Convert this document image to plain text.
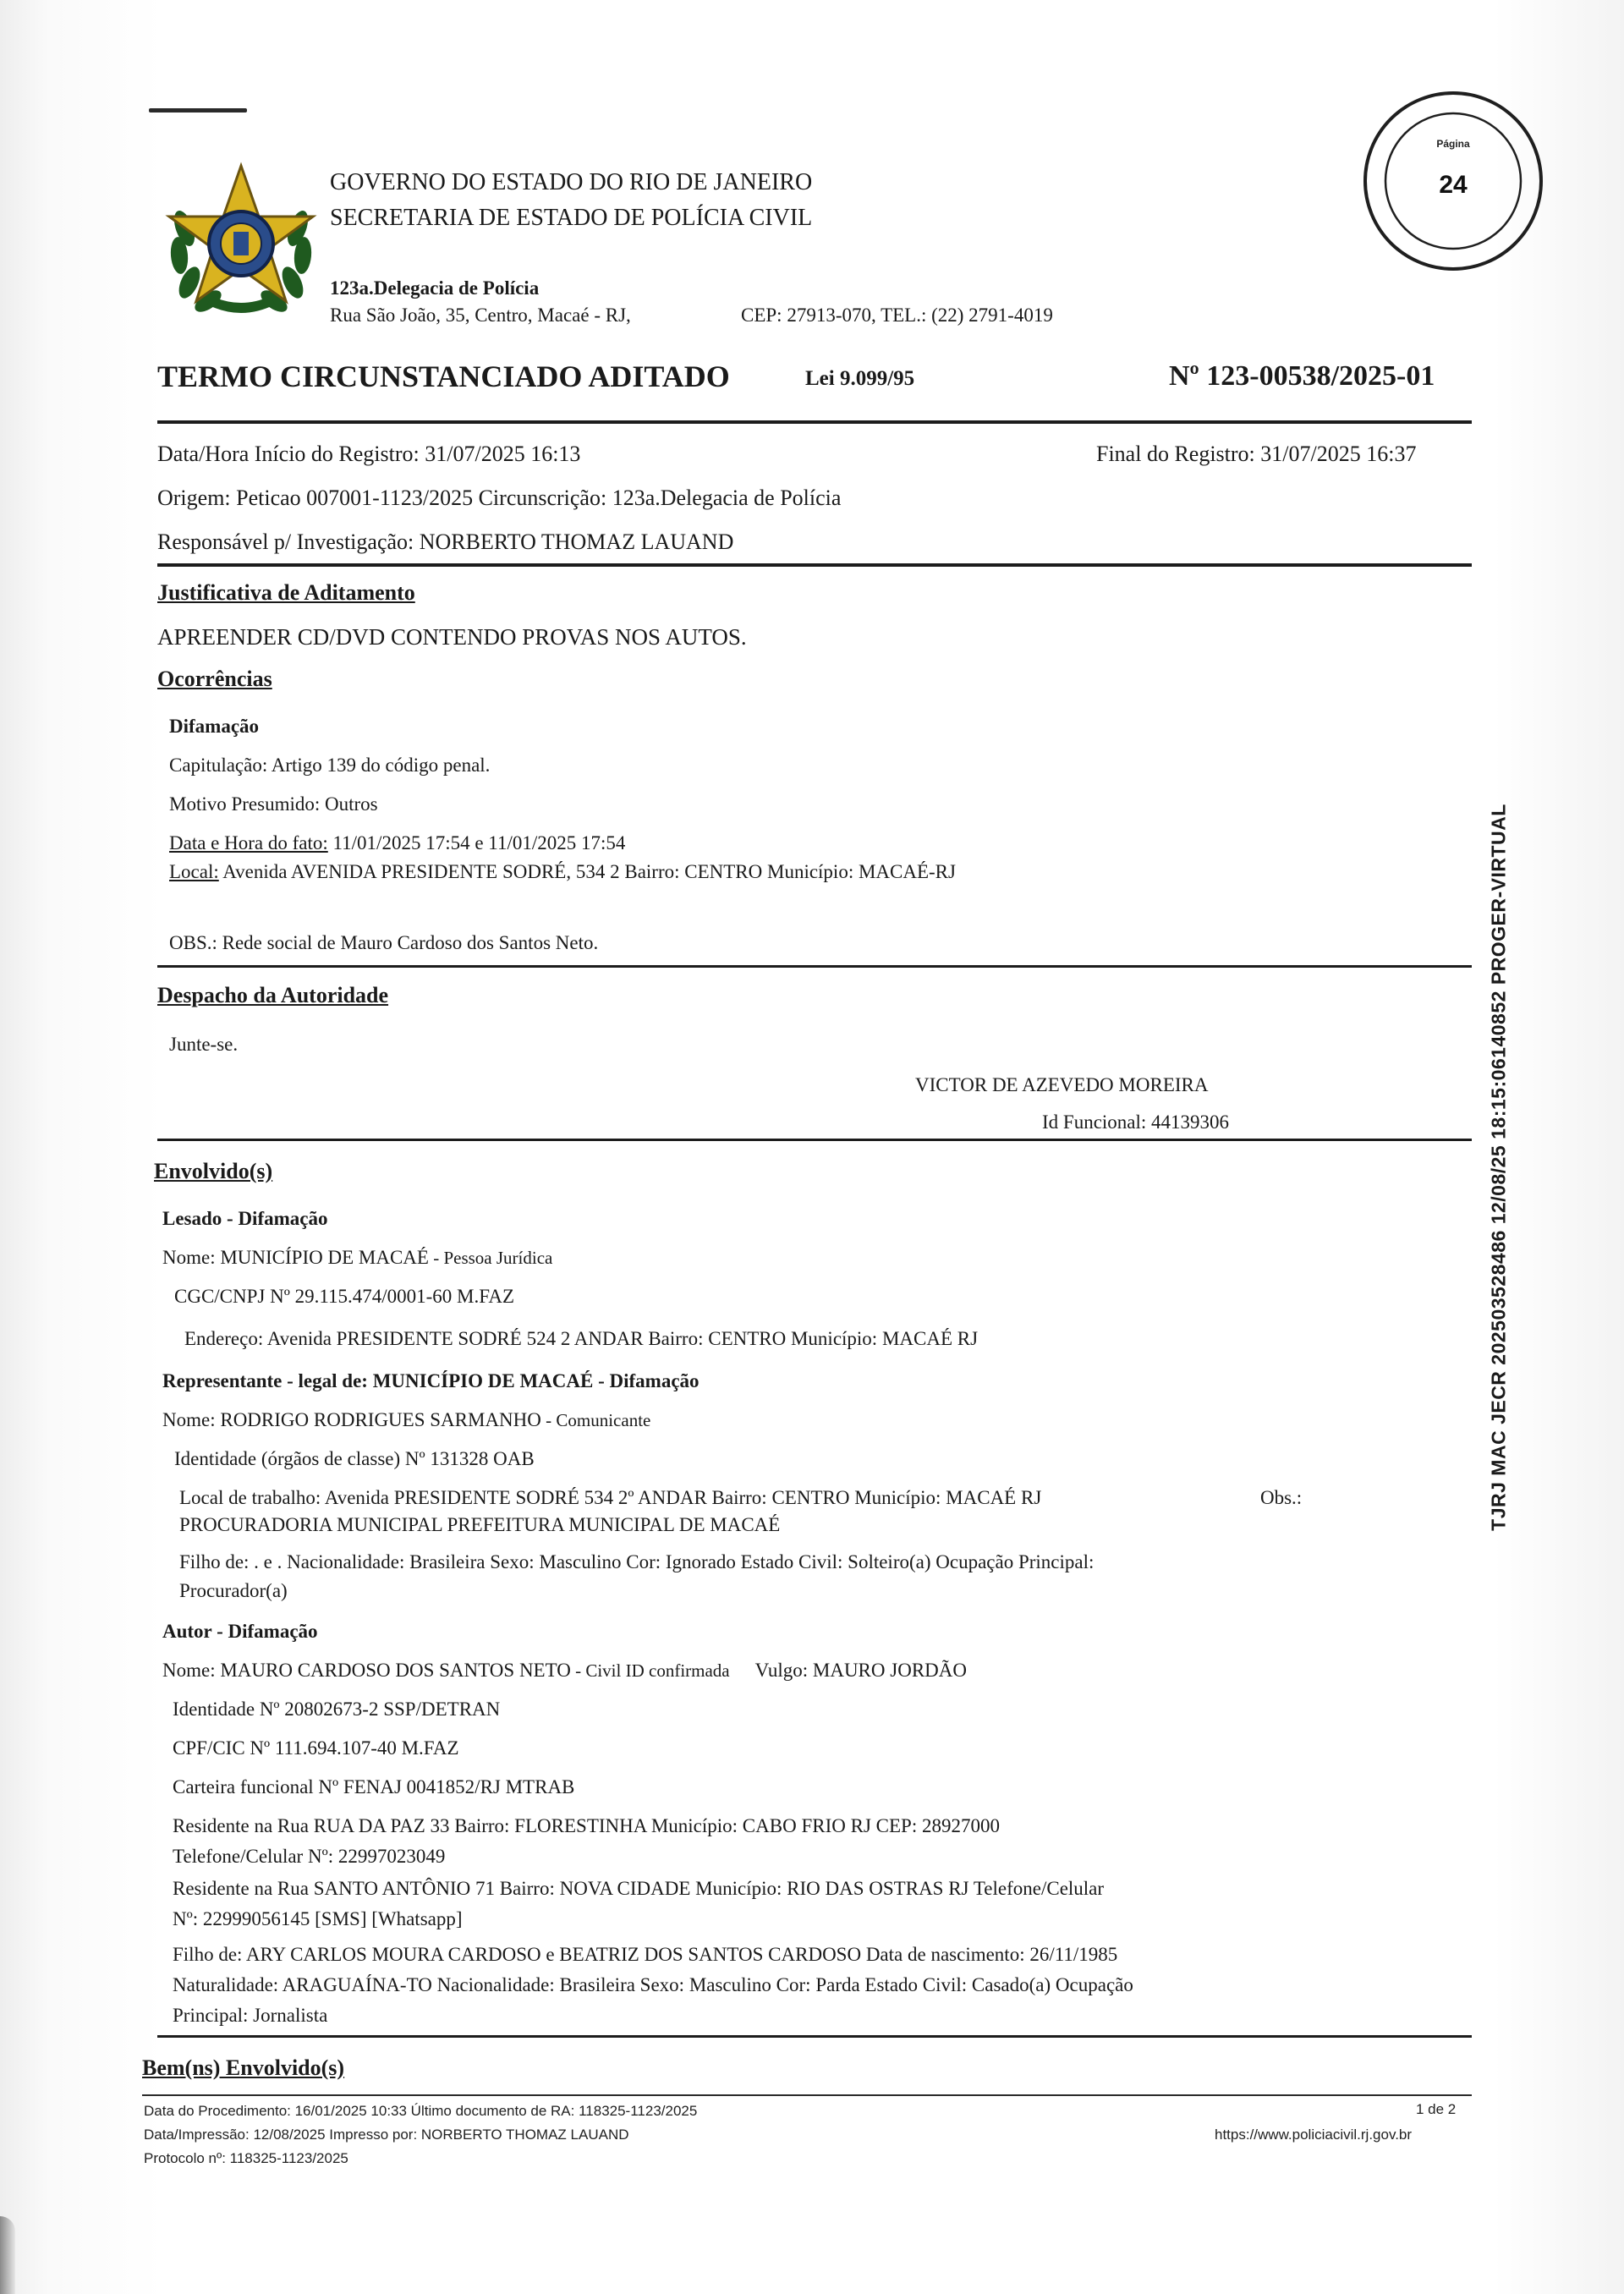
GOVERNO DO ESTADO DO RIO DE JANEIRO
SECRETARIA DE ESTADO DE POLÍCIA CIVIL
123a.Delegacia de Polícia
Rua São João, 35, Centro, Macaé - RJ,	CEP: 27913-070, TEL.: (22) 2791-4019
Página
24
TERMO CIRCUNSTANCIADO ADITADO	Lei 9.099/95	Nº 123-00538/2025-01
Data/Hora Início do Registro: 31/07/2025 16:13	Final do Registro: 31/07/2025 16:37
Origem: Peticao 007001-1123/2025 Circunscrição: 123a.Delegacia de Polícia
Responsável p/ Investigação: NORBERTO THOMAZ LAUAND
Justificativa de Aditamento
APREENDER CD/DVD CONTENDO PROVAS NOS AUTOS.
Ocorrências
Difamação
Capitulação: Artigo 139 do código penal.
Motivo Presumido: Outros
Data e Hora do fato: 11/01/2025 17:54 e 11/01/2025 17:54
Local: Avenida AVENIDA PRESIDENTE SODRÉ, 534 2 Bairro: CENTRO Município: MACAÉ-RJ
OBS.: Rede social de Mauro Cardoso dos Santos Neto.
Despacho da Autoridade
Junte-se.
VICTOR DE AZEVEDO MOREIRA
Id Funcional: 44139306
Envolvido(s)
Lesado - Difamação
Nome: MUNICÍPIO DE MACAÉ - Pessoa Jurídica
CGC/CNPJ Nº 29.115.474/0001-60 M.FAZ
Endereço: Avenida PRESIDENTE SODRÉ 524 2 ANDAR Bairro: CENTRO Município: MACAÉ RJ
Representante - legal de: MUNICÍPIO DE MACAÉ - Difamação
Nome: RODRIGO RODRIGUES SARMANHO - Comunicante
Identidade (órgãos de classe) Nº 131328 OAB
Local de trabalho: Avenida PRESIDENTE SODRÉ 534 2º ANDAR Bairro: CENTRO Município: MACAÉ RJ	Obs.:
PROCURADORIA MUNICIPAL PREFEITURA MUNICIPAL DE MACAÉ
Filho de: . e . Nacionalidade: Brasileira Sexo: Masculino Cor: Ignorado Estado Civil: Solteiro(a) Ocupação Principal:
Procurador(a)
Autor - Difamação
Nome: MAURO CARDOSO DOS SANTOS NETO - Civil ID confirmada Vulgo: MAURO JORDÃO
Identidade Nº 20802673-2 SSP/DETRAN
CPF/CIC Nº 111.694.107-40 M.FAZ
Carteira funcional Nº FENAJ 0041852/RJ MTRAB
Residente na Rua RUA DA PAZ 33 Bairro: FLORESTINHA Município: CABO FRIO RJ CEP: 28927000
Telefone/Celular Nº: 22997023049
Residente na Rua SANTO ANTÔNIO 71 Bairro: NOVA CIDADE Município: RIO DAS OSTRAS RJ Telefone/Celular
Nº: 22999056145 [SMS] [Whatsapp]
Filho de: ARY CARLOS MOURA CARDOSO e BEATRIZ DOS SANTOS CARDOSO Data de nascimento: 26/11/1985
Naturalidade: ARAGUAÍNA-TO Nacionalidade: Brasileira Sexo: Masculino Cor: Parda Estado Civil: Casado(a) Ocupação
Principal: Jornalista
Bem(ns) Envolvido(s)
Data do Procedimento: 16/01/2025 10:33 Último documento de RA: 118325-1123/2025
Data/Impressão: 12/08/2025 Impresso por: NORBERTO THOMAZ LAUAND
Protocolo nº: 118325-1123/2025
1 de 2
https://www.policiacivil.rj.gov.br
TJRJ MAC JECR 202503528486 12/08/25 18:15:06140852 PROGER-VIRTUAL
